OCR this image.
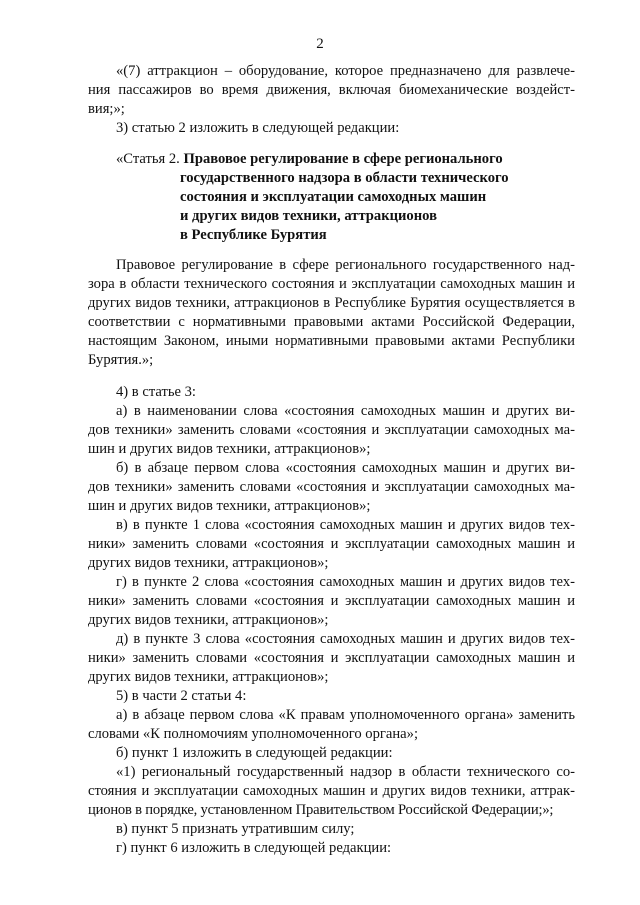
2
«(7) аттракцион – оборудование, которое предназначено для развлече-
ния пассажиров во время движения, включая биомеханические воздейст-
вия;»;
3) статью 2 изложить в следующей редакции:
«Статья 2. Правовое регулирование в сфере регионального
государственного надзора в области технического
состояния и эксплуатации самоходных машин
и других видов техники, аттракционов
в Республике Бурятия
Правовое регулирование в сфере регионального государственного над-
зора в области технического состояния и эксплуатации самоходных машин и
других видов техники, аттракционов в Республике Бурятия осуществляется в
соответствии с нормативными правовыми актами Российской Федерации,
настоящим Законом, иными нормативными правовыми актами Республики
Бурятия.»;
4) в статье 3:
а) в наименовании слова «состояния самоходных машин и других ви-
дов техники» заменить словами «состояния и эксплуатации самоходных ма-
шин и других видов техники, аттракционов»;
б) в абзаце первом слова «состояния самоходных машин и других ви-
дов техники» заменить словами «состояния и эксплуатации самоходных ма-
шин и других видов техники, аттракционов»;
в) в пункте 1 слова «состояния самоходных машин и других видов тех-
ники» заменить словами «состояния и эксплуатации самоходных машин и
других видов техники, аттракционов»;
г) в пункте 2 слова «состояния самоходных машин и других видов тех-
ники» заменить словами «состояния и эксплуатации самоходных машин и
других видов техники, аттракционов»;
д) в пункте 3 слова «состояния самоходных машин и других видов тех-
ники» заменить словами «состояния и эксплуатации самоходных машин и
других видов техники, аттракционов»;
5) в части 2 статьи 4:
а) в абзаце первом слова «К правам уполномоченного органа» заменить
словами «К полномочиям уполномоченного органа»;
б) пункт 1 изложить в следующей редакции:
«1) региональный государственный надзор в области технического со-
стояния и эксплуатации самоходных машин и других видов техники, аттрак-
ционов в порядке, установленном Правительством Российской Федерации;»;
в) пункт 5 признать утратившим силу;
г) пункт 6 изложить в следующей редакции:
